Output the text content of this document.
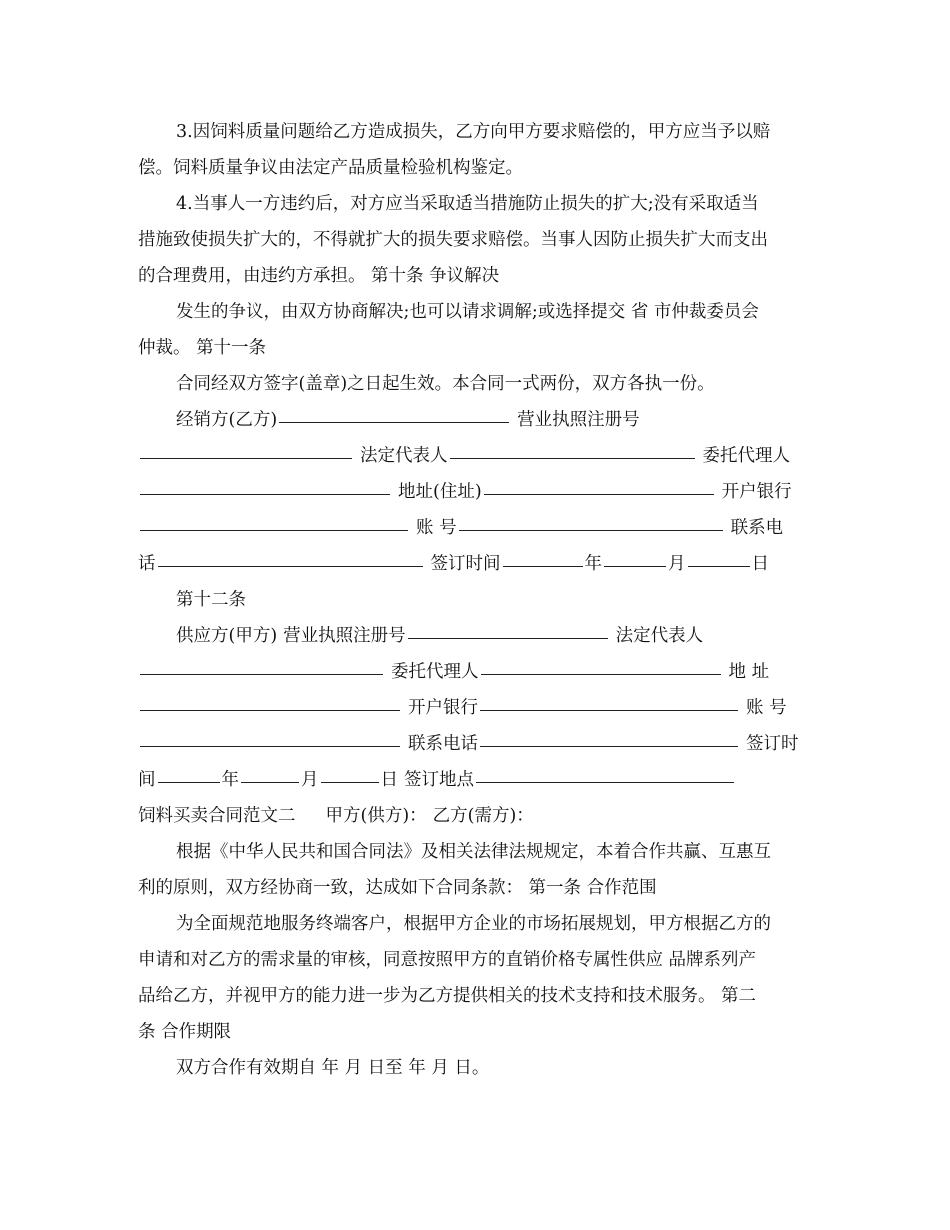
3.因饲料质量问题给乙方造成损失，乙方向甲方要求赔偿的，甲方应当予以赔
偿。饲料质量争议由法定产品质量检验机构鉴定。

4.当事人一方违约后，对方应当采取适当措施防止损失的扩大;没有采取适当
措施致使损失扩大的，不得就扩大的损失要求赔偿。当事人因防止损失扩大而支出
的合理费用，由违约方承担。 第十条 争议解决

发生的争议，由双方协商解决;也可以请求调解;或选择提交 省 市仲裁委员会
仲裁。 第十一条

合同经双方签字(盖章)之日起生效。本合同一式两份，双方各执一份。

经销方(乙方)	营业执照注册号
法定代表人	委托代理人
地址(住址)	开户银行
账 号	联系电
话	签订时间	年	月	日

第十二条

供应方(甲方) 营业执照注册号	法定代表人
委托代理人	地 址
开户银行	账 号
联系电话	签订时
间	年	月	日 签订地点
饲料买卖合同范文二 甲方(供方)： 乙方(需方)：

根据《中华人民共和国合同法》及相关法律法规规定，本着合作共赢、互惠互
利的原则，双方经协商一致，达成如下合同条款： 第一条 合作范围

为全面规范地服务终端客户，根据甲方企业的市场拓展规划，甲方根据乙方的
申请和对乙方的需求量的审核，同意按照甲方的直销价格专属性供应 品牌系列产
品给乙方，并视甲方的能力进一步为乙方提供相关的技术支持和技术服务。 第二
条 合作期限

双方合作有效期自 年 月 日至 年 月 日。
